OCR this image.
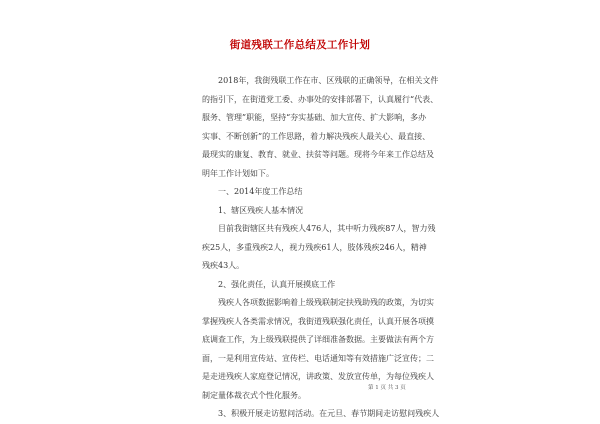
街道残联工作总结及工作计划
2018年，我街残联工作在市、区残联的正确领导，在相关文件
的指引下，在街道党工委、办事处的安排部署下，认真履行“代表、
服务、管理”职能，坚持“夯实基础、加大宣传、扩大影响，多办
实事、不断创新”的工作思路，着力解决残疾人最关心、最直接、
最现实的康复、教育、就业、扶贫等问题。现将今年来工作总结及
明年工作计划如下。
一、2014年度工作总结
1、辖区残疾人基本情况
目前我街辖区共有残疾人476人，其中听力残疾87人，智力残
疾25人，多重残疾2人，视力残疾61人，肢体残疾246人，精神
残疾43人。
2、强化责任，认真开展摸底工作
残疾人各项数据影响着上级残联制定扶残助残的政策，为切实
掌握残疾人各类需求情况，我街道残联强化责任，认真开展各项摸
底调查工作，为上级残联提供了详细准备数据。主要做法有两个方
面，一是利用宣传站、宣传栏、电话通知等有效措施广泛宣传；二
是走进残疾人家庭登记情况，讲政策、发放宣传单，为每位残疾人
制定量体裁衣式个性化服务。
3、积极开展走访慰问活动。在元旦、春节期间走访慰问残疾人
第 1 页 共 3 页
